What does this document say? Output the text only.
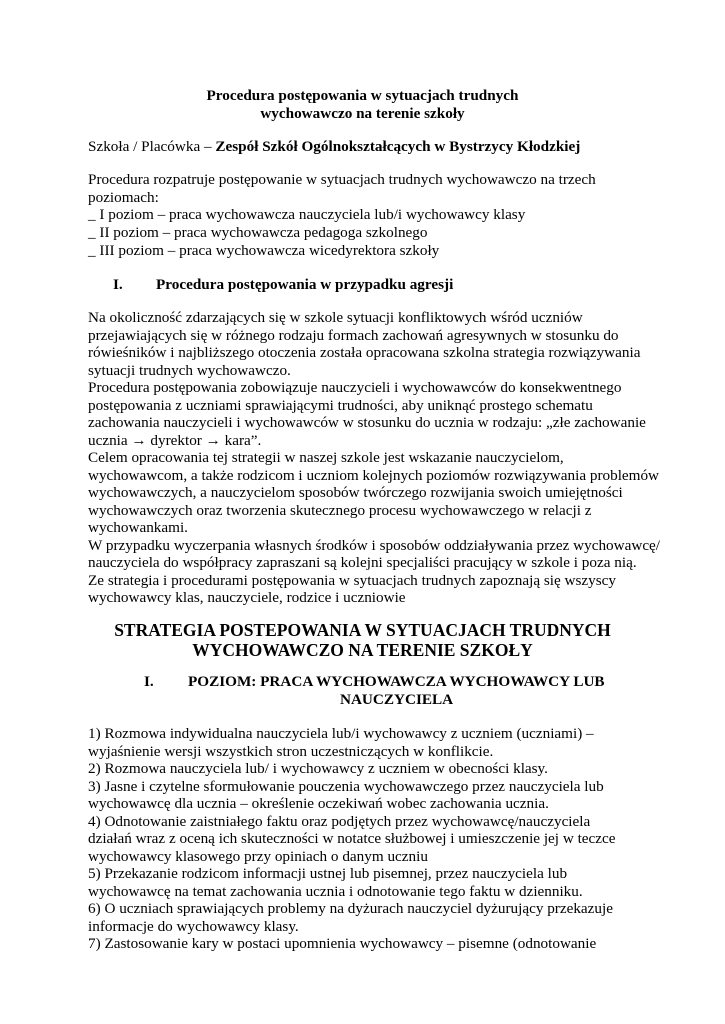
Procedura postępowania w sytuacjach trudnych
wychowawczo na terenie szkoły
Szkoła / Placówka – Zespół Szkół Ogólnokształcących w Bystrzycy Kłodzkiej
Procedura rozpatruje postępowanie w sytuacjach trudnych wychowawczo na trzech
poziomach:
_ I poziom – praca wychowawcza nauczyciela lub/i wychowawcy klasy
_ II poziom – praca wychowawcza pedagoga szkolnego
_ III poziom – praca wychowawcza wicedyrektora szkoły
I. Procedura postępowania w przypadku agresji
Na okoliczność zdarzających się w szkole sytuacji konfliktowych wśród uczniów
przejawiających się w różnego rodzaju formach zachowań agresywnych w stosunku do
rówieśników i najbliższego otoczenia została opracowana szkolna strategia rozwiązywania
sytuacji trudnych wychowawczo.
Procedura postępowania zobowiązuje nauczycieli i wychowawców do konsekwentnego
postępowania z uczniami sprawiającymi trudności, aby uniknąć prostego schematu
zachowania nauczycieli i wychowawców w stosunku do ucznia w rodzaju: „złe zachowanie
ucznia → dyrektor → kara”.
Celem opracowania tej strategii w naszej szkole jest wskazanie nauczycielom,
wychowawcom, a także rodzicom i uczniom kolejnych poziomów rozwiązywania problemów
wychowawczych, a nauczycielom sposobów twórczego rozwijania swoich umiejętności
wychowawczych oraz tworzenia skutecznego procesu wychowawczego w relacji z
wychowankami.
W przypadku wyczerpania własnych środków i sposobów oddziaływania przez wychowawcę/
nauczyciela do współpracy zapraszani są kolejni specjaliści pracujący w szkole i poza nią.
Ze strategia i procedurami postępowania w sytuacjach trudnych zapoznają się wszyscy
wychowawcy klas, nauczyciele, rodzice i uczniowie
STRATEGIA POSTEPOWANIA W SYTUACJACH TRUDNYCH
WYCHOWAWCZO NA TERENIE SZKOŁY
I. POZIOM: PRACA WYCHOWAWCZA WYCHOWAWCY LUB
NAUCZYCIELA
1) Rozmowa indywidualna nauczyciela lub/i wychowawcy z uczniem (uczniami) –
wyjaśnienie wersji wszystkich stron uczestniczących w konflikcie.
2) Rozmowa nauczyciela lub/ i wychowawcy z uczniem w obecności klasy.
3) Jasne i czytelne sformułowanie pouczenia wychowawczego przez nauczyciela lub
wychowawcę dla ucznia – określenie oczekiwań wobec zachowania ucznia.
4) Odnotowanie zaistniałego faktu oraz podjętych przez wychowawcę/nauczyciela
działań wraz z oceną ich skuteczności w notatce służbowej i umieszczenie jej w teczce
wychowawcy klasowego przy opiniach o danym uczniu
5) Przekazanie rodzicom informacji ustnej lub pisemnej, przez nauczyciela lub
wychowawcę na temat zachowania ucznia i odnotowanie tego faktu w dzienniku.
6) O uczniach sprawiających problemy na dyżurach nauczyciel dyżurujący przekazuje
informacje do wychowawcy klasy.
7) Zastosowanie kary w postaci upomnienia wychowawcy – pisemne (odnotowanie
